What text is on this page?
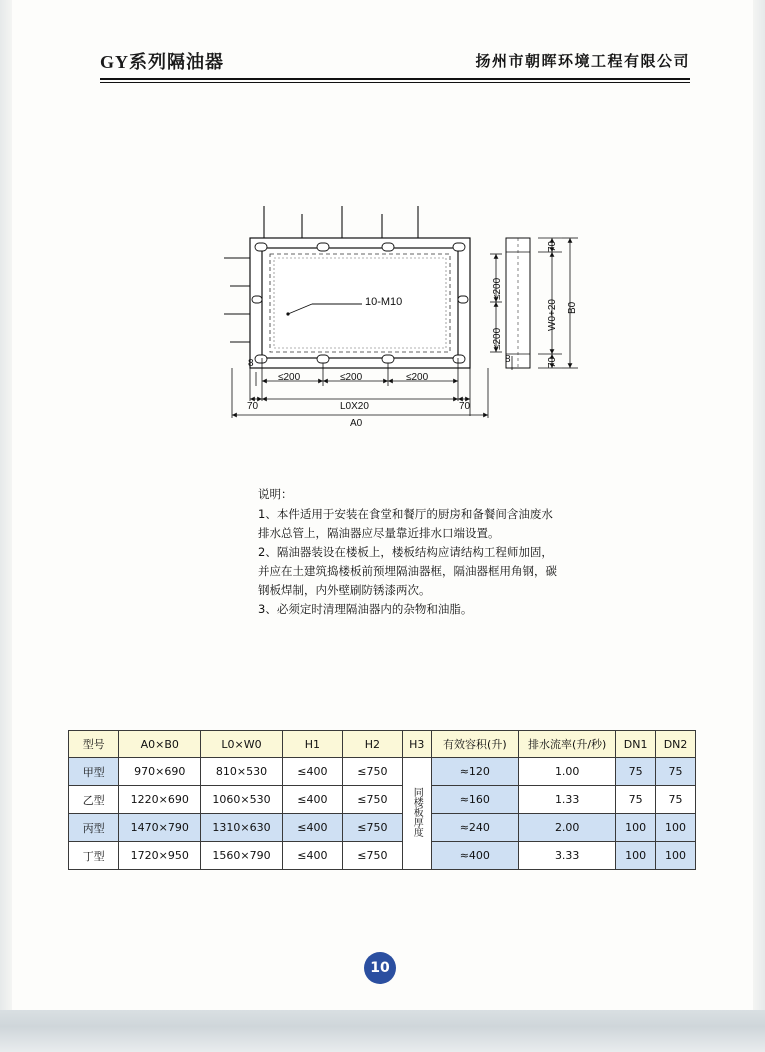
GY系列隔油器	扬州市朝晖环境工程有限公司
10-M10
≤200	≤200	≤200
70	70
L0X20
A0
8	8
70
70
W0+20 B0
≤200
≤200
说明：
1、本件适用于安装在食堂和餐厅的厨房和备餐间含油废水排水总管上，隔油器应尽量靠近排水口端设置。
2、隔油器装设在楼板上，楼板结构应请结构工程师加固，并应在土建筑捣楼板前预埋隔油器框，隔油器框用角钢，碳钢板焊制，内外壁刷防锈漆两次。
3、必须定时清理隔油器内的杂物和油脂。
型号	A0×B0	L0×W0	H1	H2	H3	有效容积(升)	排水流率(升/秒)	DN1	DN2
甲型	970×690	810×530	≤400	≤750	同楼板厚度	≈120	1.00	75	75
乙型	1220×690	1060×530	≤400	≤750		≈160	1.33	75	75
丙型	1470×790	1310×630	≤400	≤750		≈240	2.00	100	100
丁型	1720×950	1560×790	≤400	≤750		≈400	3.33	100	100
10
